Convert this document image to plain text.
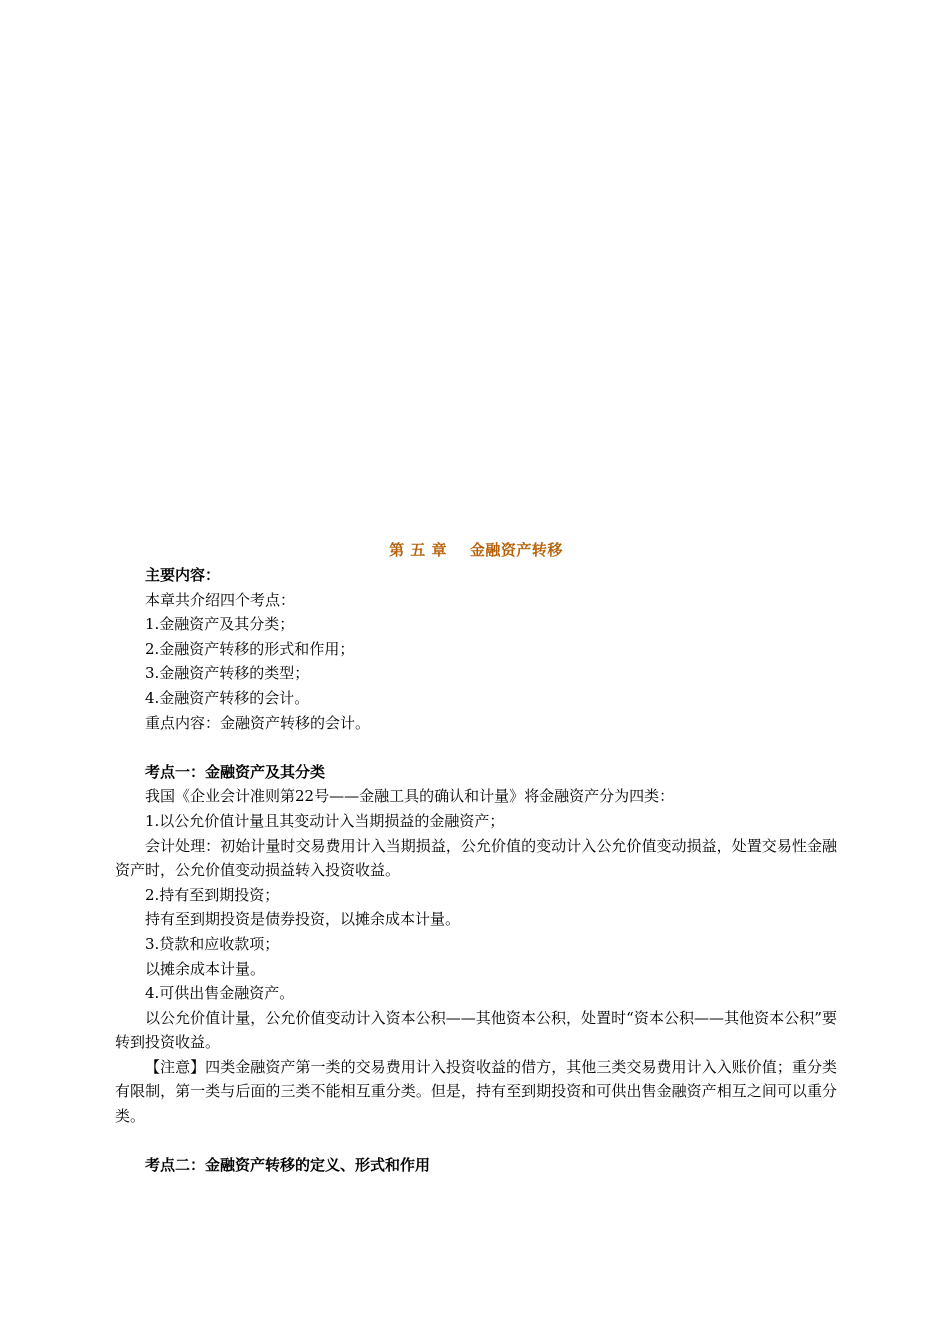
第 五 章    金融资产转移

主要内容：

本章共介绍四个考点：

1.金融资产及其分类；

2.金融资产转移的形式和作用；

3.金融资产转移的类型；

4.金融资产转移的会计。

重点内容：金融资产转移的会计。

考点一：金融资产及其分类

我国《企业会计准则第22号——金融工具的确认和计量》将金融资产分为四类：

1.以公允价值计量且其变动计入当期损益的金融资产；

会计处理：初始计量时交易费用计入当期损益，公允价值的变动计入公允价值变动损益，处置交易性金融资产时，公允价值变动损益转入投资收益。

2.持有至到期投资；

持有至到期投资是债券投资，以摊余成本计量。

3.贷款和应收款项；

以摊余成本计量。

4.可供出售金融资产。

以公允价值计量，公允价值变动计入资本公积——其他资本公积，处置时“资本公积——其他资本公积”要转到投资收益。

【注意】四类金融资产第一类的交易费用计入投资收益的借方，其他三类交易费用计入入账价值；重分类有限制，第一类与后面的三类不能相互重分类。但是，持有至到期投资和可供出售金融资产相互之间可以重分类。

考点二：金融资产转移的定义、形式和作用
